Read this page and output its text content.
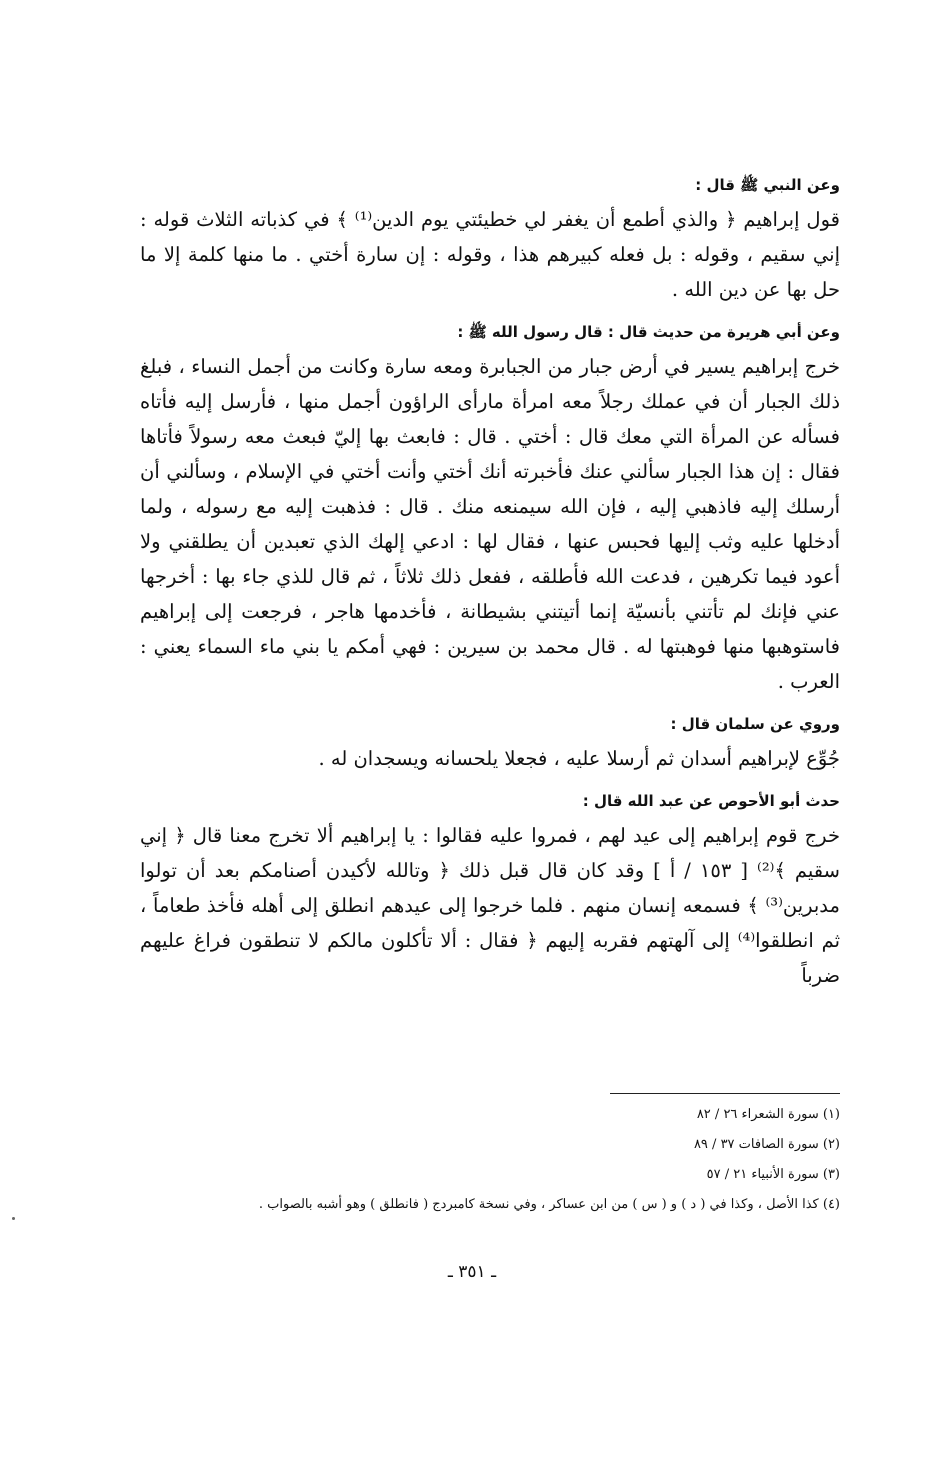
وعن النبي ﷺ قال :

قول إبراهيم ﴿ والذي أطمع أن يغفر لي خطيئتي يوم الدين⁽¹⁾ ﴾ في كذباته الثلاث قوله : إني سقيم ، وقوله : بل فعله كبيرهم هذا ، وقوله : إن سارة أختي . ما منها كلمة إلا ما حل بها عن دين الله .

وعن أبي هريرة من حديث قال : قال رسول الله ﷺ :

خرج إبراهيم يسير في أرض جبار من الجبابرة ومعه سارة وكانت من أجمل النساء ، فبلغ ذلك الجبار أن في عملك رجلاً معه امرأة مارأى الراؤون أجمل منها ، فأرسل إليه فأتاه فسأله عن المرأة التي معك قال : أختي . قال : فابعث بها إليّ فبعث معه رسولاً فأتاها فقال : إن هذا الجبار سألني عنك فأخبرته أنك أختي وأنت أختي في الإسلام ، وسألني أن أرسلك إليه فاذهبي إليه ، فإن الله سيمنعه منك . قال : فذهبت إليه مع رسوله ، ولما أدخلها عليه وثب إليها فحبس عنها ، فقال لها : ادعي إلهك الذي تعبدين أن يطلقني ولا أعود فيما تكرهين ، فدعت الله فأطلقه ، ففعل ذلك ثلاثاً ، ثم قال للذي جاء بها : أخرجها عني فإنك لم تأتني بأنسيّة إنما أتيتني بشيطانة ، فأخدمها هاجر ، فرجعت إلى إبراهيم فاستوهبها منها فوهبتها له . قال محمد بن سيرين : فهي أمكم يا بني ماء السماء يعني : العرب .

وروي عن سلمان قال :

جُوِّع لإبراهيم أسدان ثم أرسلا عليه ، فجعلا يلحسانه ويسجدان له .

حدث أبو الأحوص عن عبد الله قال :

خرج قوم إبراهيم إلى عيد لهم ، فمروا عليه فقالوا : يا إبراهيم ألا تخرج معنا قال ﴿ إني سقيم ﴾⁽²⁾ [ ١٥٣ / أ ] وقد كان قال قبل ذلك ﴿ وتالله لأكيدن أصنامكم بعد أن تولوا مدبرين⁽³⁾ ﴾ فسمعه إنسان منهم . فلما خرجوا إلى عيدهم انطلق إلى أهله فأخذ طعاماً ، ثم انطلقوا⁽⁴⁾ إلى آلهتهم فقربه إليهم ﴿ فقال : ألا تأكلون مالكم لا تنطقون فراغ عليهم ضرباً

(١) سورة الشعراء ٢٦ / ٨٢

(٢) سورة الصافات ٣٧ / ٨٩

(٣) سورة الأنبياء ٢١ / ٥٧

(٤) كذا الأصل ، وكذا في ( د ) و ( س ) من ابن عساكر ، وفي نسخة كامبردج ( فانطلق ) وهو أشبه بالصواب .

ـ ٣٥١ ـ
